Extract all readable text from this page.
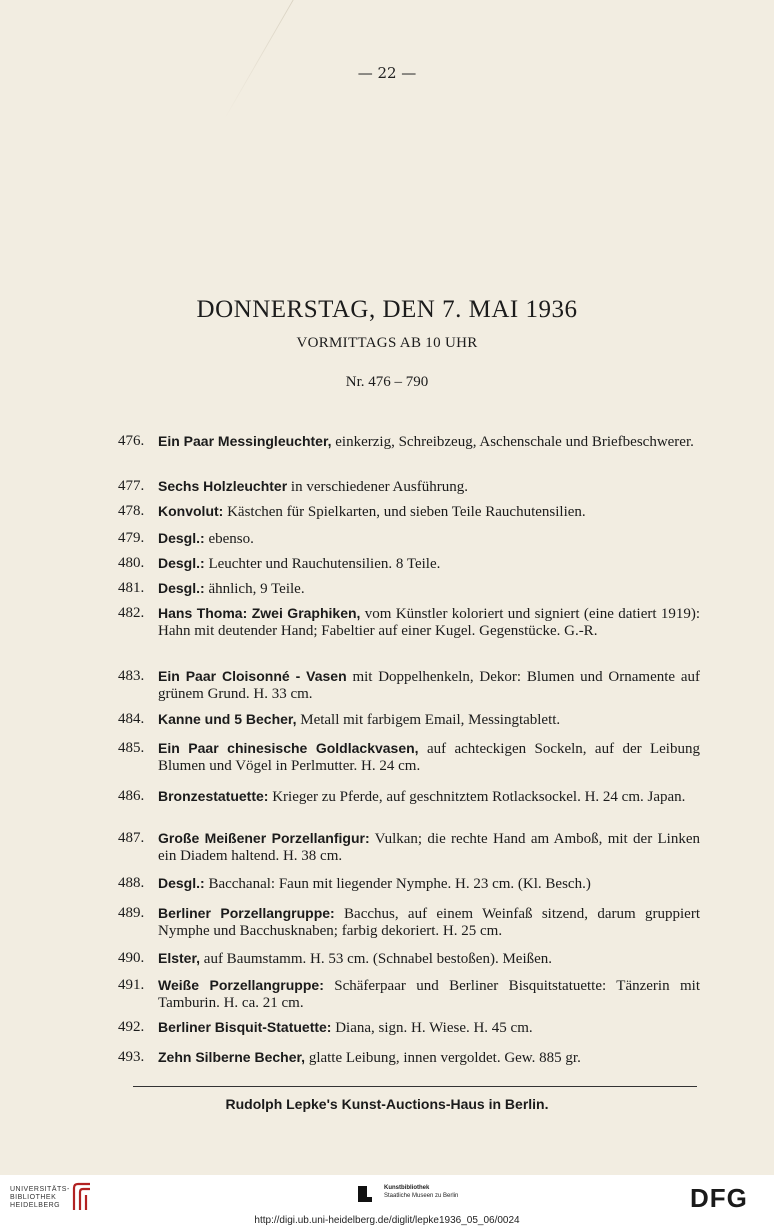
— 22 —
DONNERSTAG, DEN 7. MAI 1936
VORMITTAGS AB 10 UHR
Nr. 476 – 790
476. Ein Paar Messingleuchter, einkerzig, Schreibzeug, Aschenschale und Briefbeschwerer.
477. Sechs Holzleuchter in verschiedener Ausführung.
478. Konvolut: Kästchen für Spielkarten, und sieben Teile Rauchutensilien.
479. Desgl.: ebenso.
480. Desgl.: Leuchter und Rauchutensilien. 8 Teile.
481. Desgl.: ähnlich, 9 Teile.
482. Hans Thoma: Zwei Graphiken, vom Künstler koloriert und signiert (eine datiert 1919): Hahn mit deutender Hand; Fabeltier auf einer Kugel. Gegenstücke. G.-R.
483. Ein Paar Cloisonné - Vasen mit Doppelhenkeln, Dekor: Blumen und Ornamente auf grünem Grund. H. 33 cm.
484. Kanne und 5 Becher, Metall mit farbigem Email, Messingtablett.
485. Ein Paar chinesische Goldlackvasen, auf achteckigen Sockeln, auf der Leibung Blumen und Vögel in Perlmutter. H. 24 cm.
486. Bronzestatuette: Krieger zu Pferde, auf geschnitztem Rotlacksockel. H. 24 cm. Japan.
487. Große Meißener Porzellanfigur: Vulkan; die rechte Hand am Amboß, mit der Linken ein Diadem haltend. H. 38 cm.
488. Desgl.: Bacchanal: Faun mit liegender Nymphe. H. 23 cm. (Kl. Besch.)
489. Berliner Porzellangruppe: Bacchus, auf einem Weinfaß sitzend, darum gruppiert Nymphe und Bacchusknaben; farbig dekoriert. H. 25 cm.
490. Elster, auf Baumstamm. H. 53 cm. (Schnabel bestoßen). Meißen.
491. Weiße Porzellangruppe: Schäferpaar und Berliner Bisquitstatuette: Tänzerin mit Tamburin. H. ca. 21 cm.
492. Berliner Bisquit-Statuette: Diana, sign. H. Wiese. H. 45 cm.
493. Zehn Silberne Becher, glatte Leibung, innen vergoldet. Gew. 885 gr.
Rudolph Lepke's Kunst-Auctions-Haus in Berlin.
UNIVERSITÄTS-
BIBLIOTHEK
HEIDELBERG
Kunstbibliothek
Staatliche Museen zu Berlin	DFG
http://digi.ub.uni-heidelberg.de/diglit/lepke1936_05_06/0024
